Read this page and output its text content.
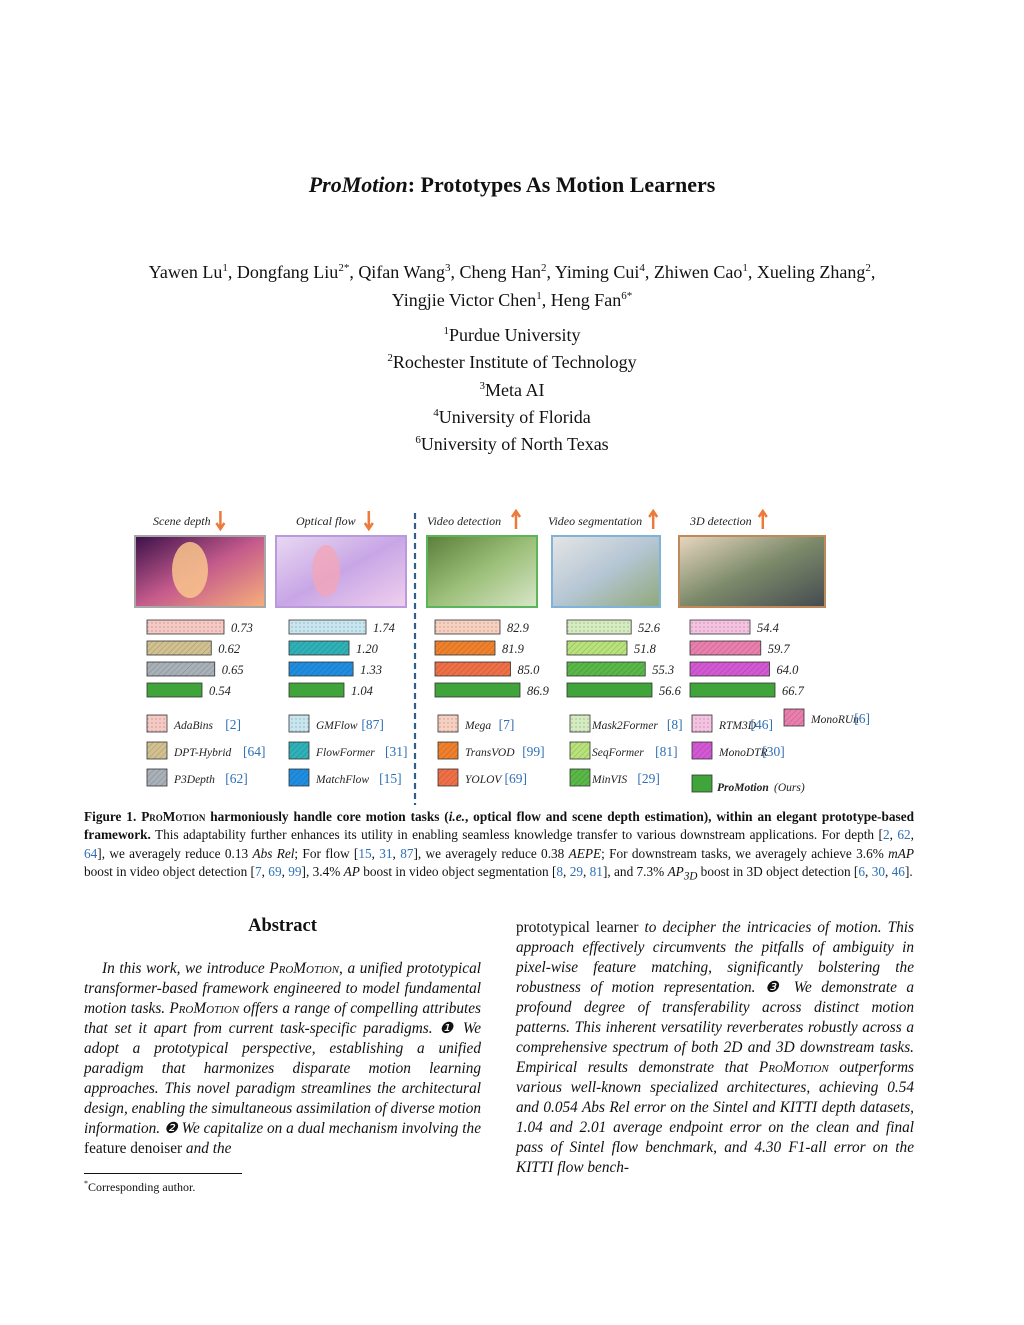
ProMotion: Prototypes As Motion Learners
Yawen Lu$^1$, Dongfang Liu$^{2*}$, Qifan Wang$^3$, Cheng Han$^2$, Yiming Cui$^4$, Zhiwen Cao$^1$, Xueling Zhang$^2$,
Yingjie Victor Chen$^1$, Heng Fan$^{6*}$
$^1$Purdue University
$^2$Rochester Institute of Technology
$^3$Meta AI
$^4$University of Florida
$^6$University of North Texas
Scene depth
0.73
0.62
0.65
0.54
AdaBins [2]
DPT-Hybrid [64]
P3Depth [62]
Optical flow
1.74
1.20
1.33
1.04
GMFlow [87]
FlowFormer [31]
MatchFlow [15]
Video detection
82.9
81.9
85.0
86.9
Mega [7]
TransVOD [99]
YOLOV [69]
Video segmentation
52.6
51.8
55.3
56.6
Mask2Former [8]
SeqFormer [81]
MinVIS [29]
3D detection
54.4
59.7
64.0
66.7
RTM3D
[46]	MonoRUn
[6]
MonoDTR
[30]
ProMotion (Ours)
Figure 1. ProMotion harmoniously handle core motion tasks (i.e., optical flow and scene depth estimation), within an elegant prototype-based framework. This adaptability further enhances its utility in enabling seamless knowledge transfer to various downstream applications. For depth [2, 62, 64], we averagely reduce 0.13 Abs Rel; For flow [15, 31, 87], we averagely reduce 0.38 AEPE; For downstream tasks, we averagely achieve 3.6% mAP boost in video object detection [7, 69, 99], 3.4% AP boost in video object segmentation [8, 29, 81], and 7.3% $AP_{3D}$ boost in 3D object detection [6, 30, 46].
Abstract
In this work, we introduce ProMotion, a unified prototypical transformer-based framework engineered to model fundamental motion tasks. ProMotion offers a range of compelling attributes that set it apart from current task-specific paradigms. ❶ We adopt a prototypical perspective, establishing a unified paradigm that harmonizes disparate motion learning approaches. This novel paradigm streamlines the architectural design, enabling the simultaneous assimilation of diverse motion information. ❷ We capitalize on a dual mechanism involving the feature denoiser and the
prototypical learner to decipher the intricacies of motion. This approach effectively circumvents the pitfalls of ambiguity in pixel-wise feature matching, significantly bolstering the robustness of motion representation. ❸ We demonstrate a profound degree of transferability across distinct motion patterns. This inherent versatility reverberates robustly across a comprehensive spectrum of both 2D and 3D downstream tasks. Empirical results demonstrate that ProMotion outperforms various well-known specialized architectures, achieving 0.54 and 0.054 Abs Rel error on the Sintel and KITTI depth datasets, 1.04 and 2.01 average endpoint error on the clean and final pass of Sintel flow benchmark, and 4.30 F1-all error on the KITTI flow bench-
*Corresponding author.
